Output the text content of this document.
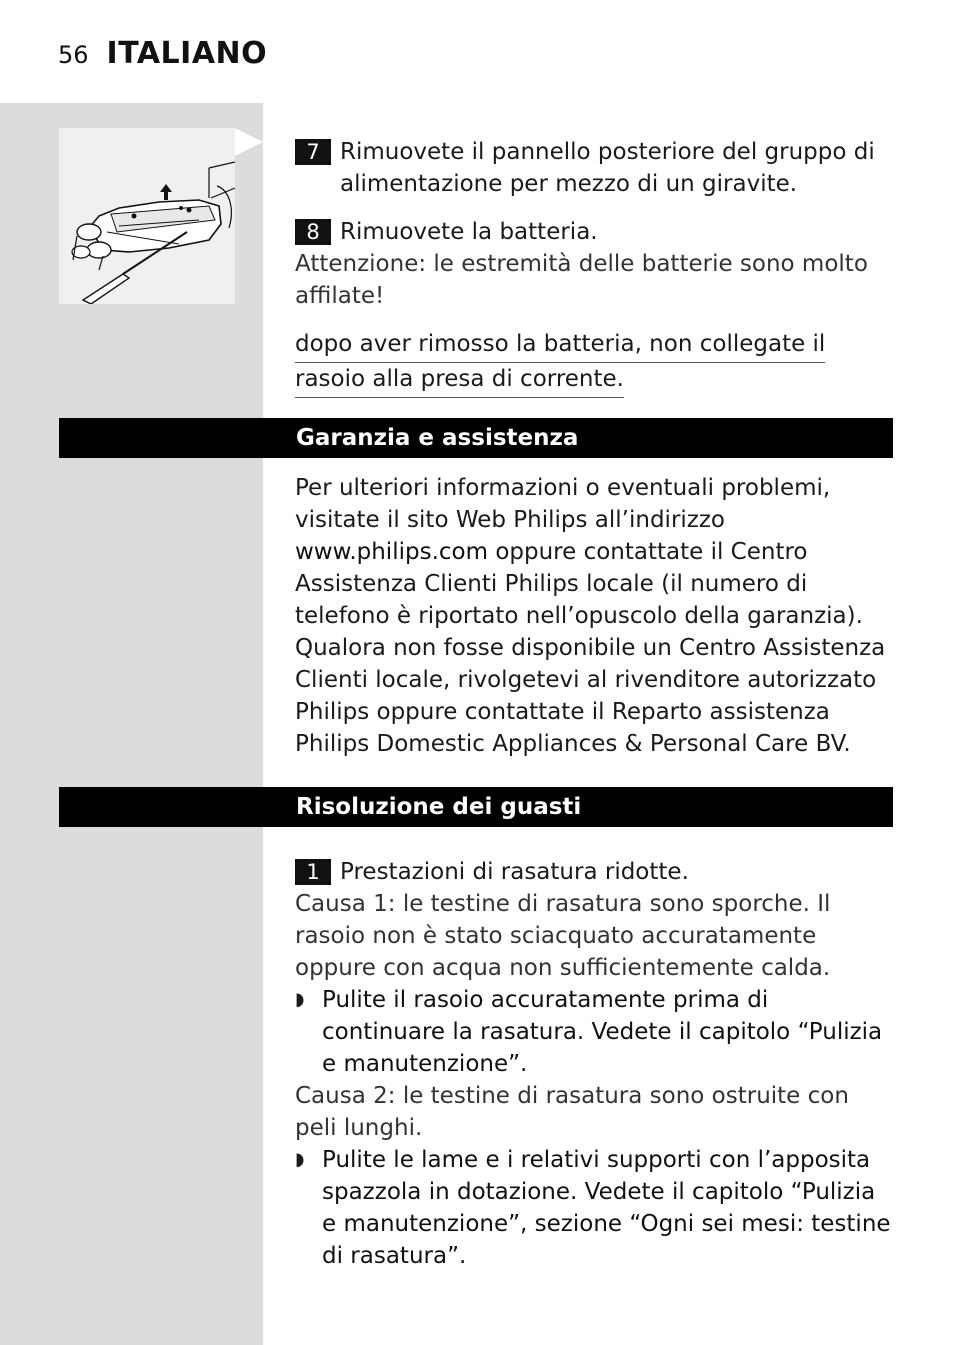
56 ITALIANO
7 Rimuovete il pannello posteriore del gruppo di alimentazione per mezzo di un giravite.
8 Rimuovete la batteria.
Attenzione: le estremità delle batterie sono molto affilate!
dopo aver rimosso la batteria, non collegate il
rasoio alla presa di corrente.
Garanzia e assistenza
Per ulteriori informazioni o eventuali problemi, visitate il sito Web Philips all’indirizzo www.philips.com oppure contattate il Centro Assistenza Clienti Philips locale (il numero di telefono è riportato nell’opuscolo della garanzia). Qualora non fosse disponibile un Centro Assistenza Clienti locale, rivolgetevi al rivenditore autorizzato Philips oppure contattate il Reparto assistenza Philips Domestic Appliances & Personal Care BV.
Risoluzione dei guasti
1 Prestazioni di rasatura ridotte.
Causa 1: le testine di rasatura sono sporche. Il rasoio non è stato sciacquato accuratamente oppure con acqua non sufficientemente calda.
◗ Pulite il rasoio accuratamente prima di continuare la rasatura. Vedete il capitolo “Pulizia e manutenzione”.
Causa 2: le testine di rasatura sono ostruite con peli lunghi.
◗ Pulite le lame e i relativi supporti con l’apposita spazzola in dotazione. Vedete il capitolo “Pulizia e manutenzione”, sezione “Ogni sei mesi: testine di rasatura”.
